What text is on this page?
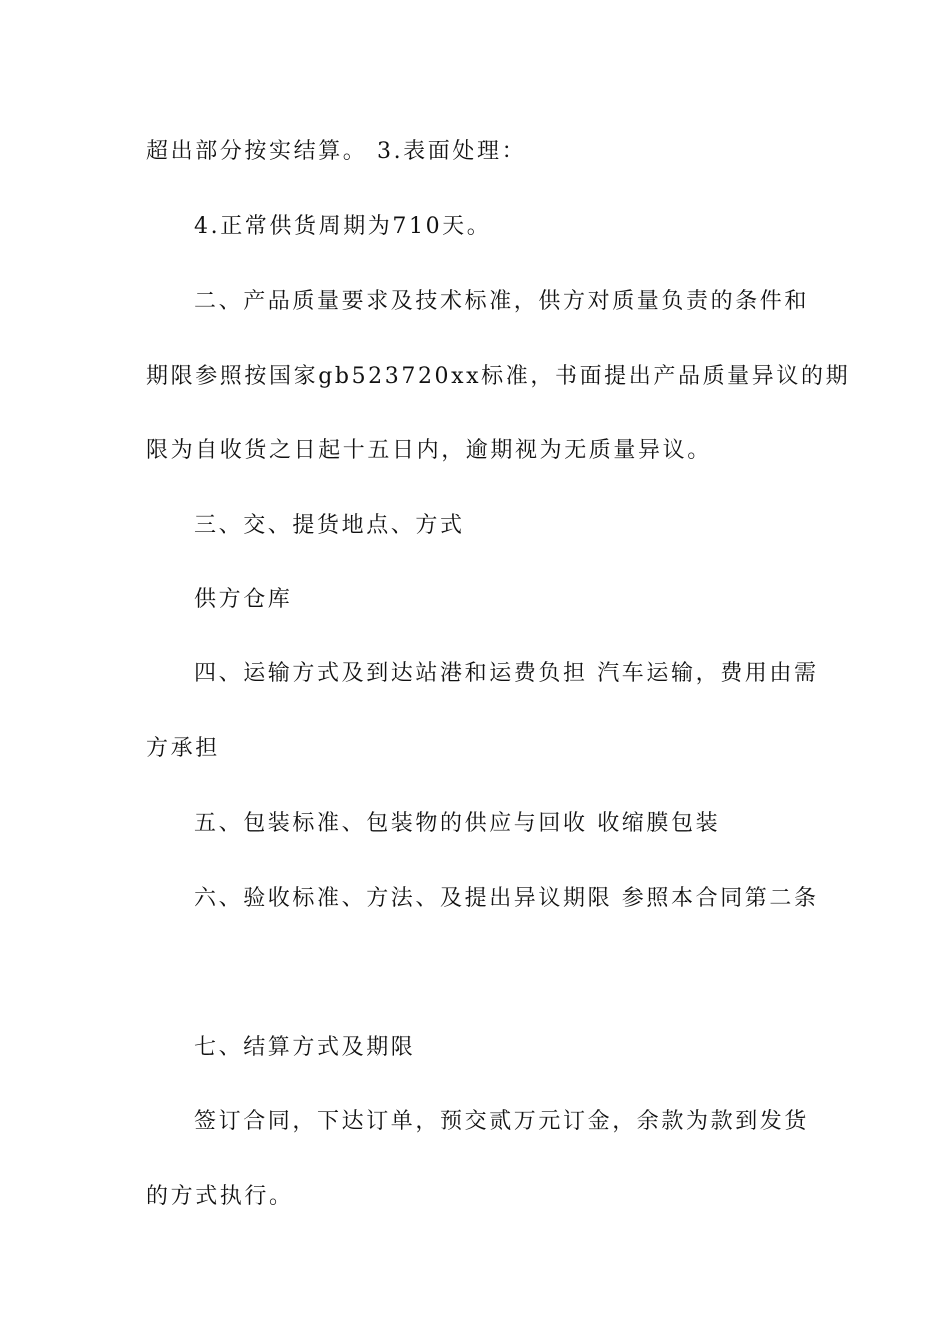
超出部分按实结算。 3.表面处理：
4.正常供货周期为710天。
二、产品质量要求及技术标准，供方对质量负责的条件和
期限参照按国家gb523720xx标准，书面提出产品质量异议的期
限为自收货之日起十五日内，逾期视为无质量异议。
三、交、提货地点、方式
供方仓库
四、运输方式及到达站港和运费负担 汽车运输，费用由需
方承担
五、包装标准、包装物的供应与回收 收缩膜包装
六、验收标准、方法、及提出异议期限 参照本合同第二条
七、结算方式及期限
签订合同，下达订单，预交贰万元订金，余款为款到发货
的方式执行。
